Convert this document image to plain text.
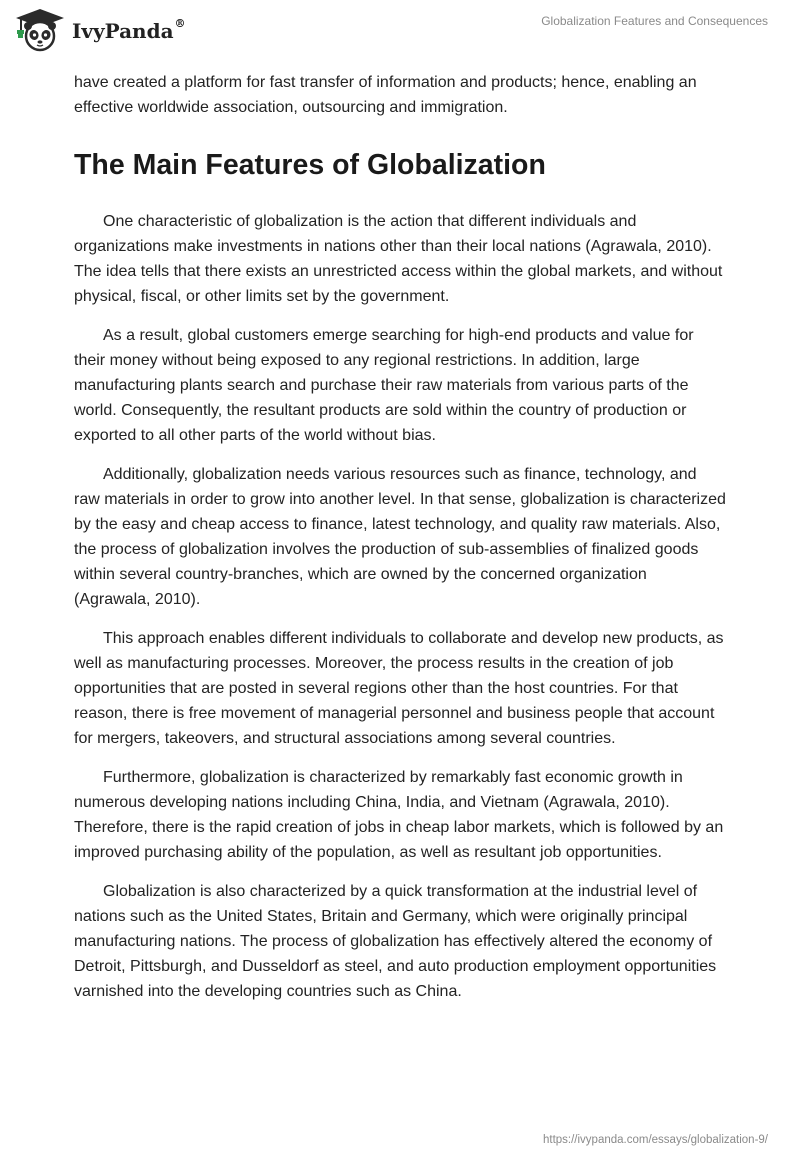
IvyPanda®	Globalization Features and Consequences

have created a platform for fast transfer of information and products; hence, enabling an effective worldwide association, outsourcing and immigration.

The Main Features of Globalization

One characteristic of globalization is the action that different individuals and organizations make investments in nations other than their local nations (Agrawala, 2010). The idea tells that there exists an unrestricted access within the global markets, and without physical, fiscal, or other limits set by the government.

As a result, global customers emerge searching for high-end products and value for their money without being exposed to any regional restrictions. In addition, large manufacturing plants search and purchase their raw materials from various parts of the world. Consequently, the resultant products are sold within the country of production or exported to all other parts of the world without bias.

Additionally, globalization needs various resources such as finance, technology, and raw materials in order to grow into another level. In that sense, globalization is characterized by the easy and cheap access to finance, latest technology, and quality raw materials. Also, the process of globalization involves the production of sub-assemblies of finalized goods within several country-branches, which are owned by the concerned organization (Agrawala, 2010).

This approach enables different individuals to collaborate and develop new products, as well as manufacturing processes. Moreover, the process results in the creation of job opportunities that are posted in several regions other than the host countries. For that reason, there is free movement of managerial personnel and business people that account for mergers, takeovers, and structural associations among several countries.

Furthermore, globalization is characterized by remarkably fast economic growth in numerous developing nations including China, India, and Vietnam (Agrawala, 2010). Therefore, there is the rapid creation of jobs in cheap labor markets, which is followed by an improved purchasing ability of the population, as well as resultant job opportunities.

Globalization is also characterized by a quick transformation at the industrial level of nations such as the United States, Britain and Germany, which were originally principal manufacturing nations. The process of globalization has effectively altered the economy of Detroit, Pittsburgh, and Dusseldorf as steel, and auto production employment opportunities varnished into the developing countries such as China.

https://ivypanda.com/essays/globalization-9/
